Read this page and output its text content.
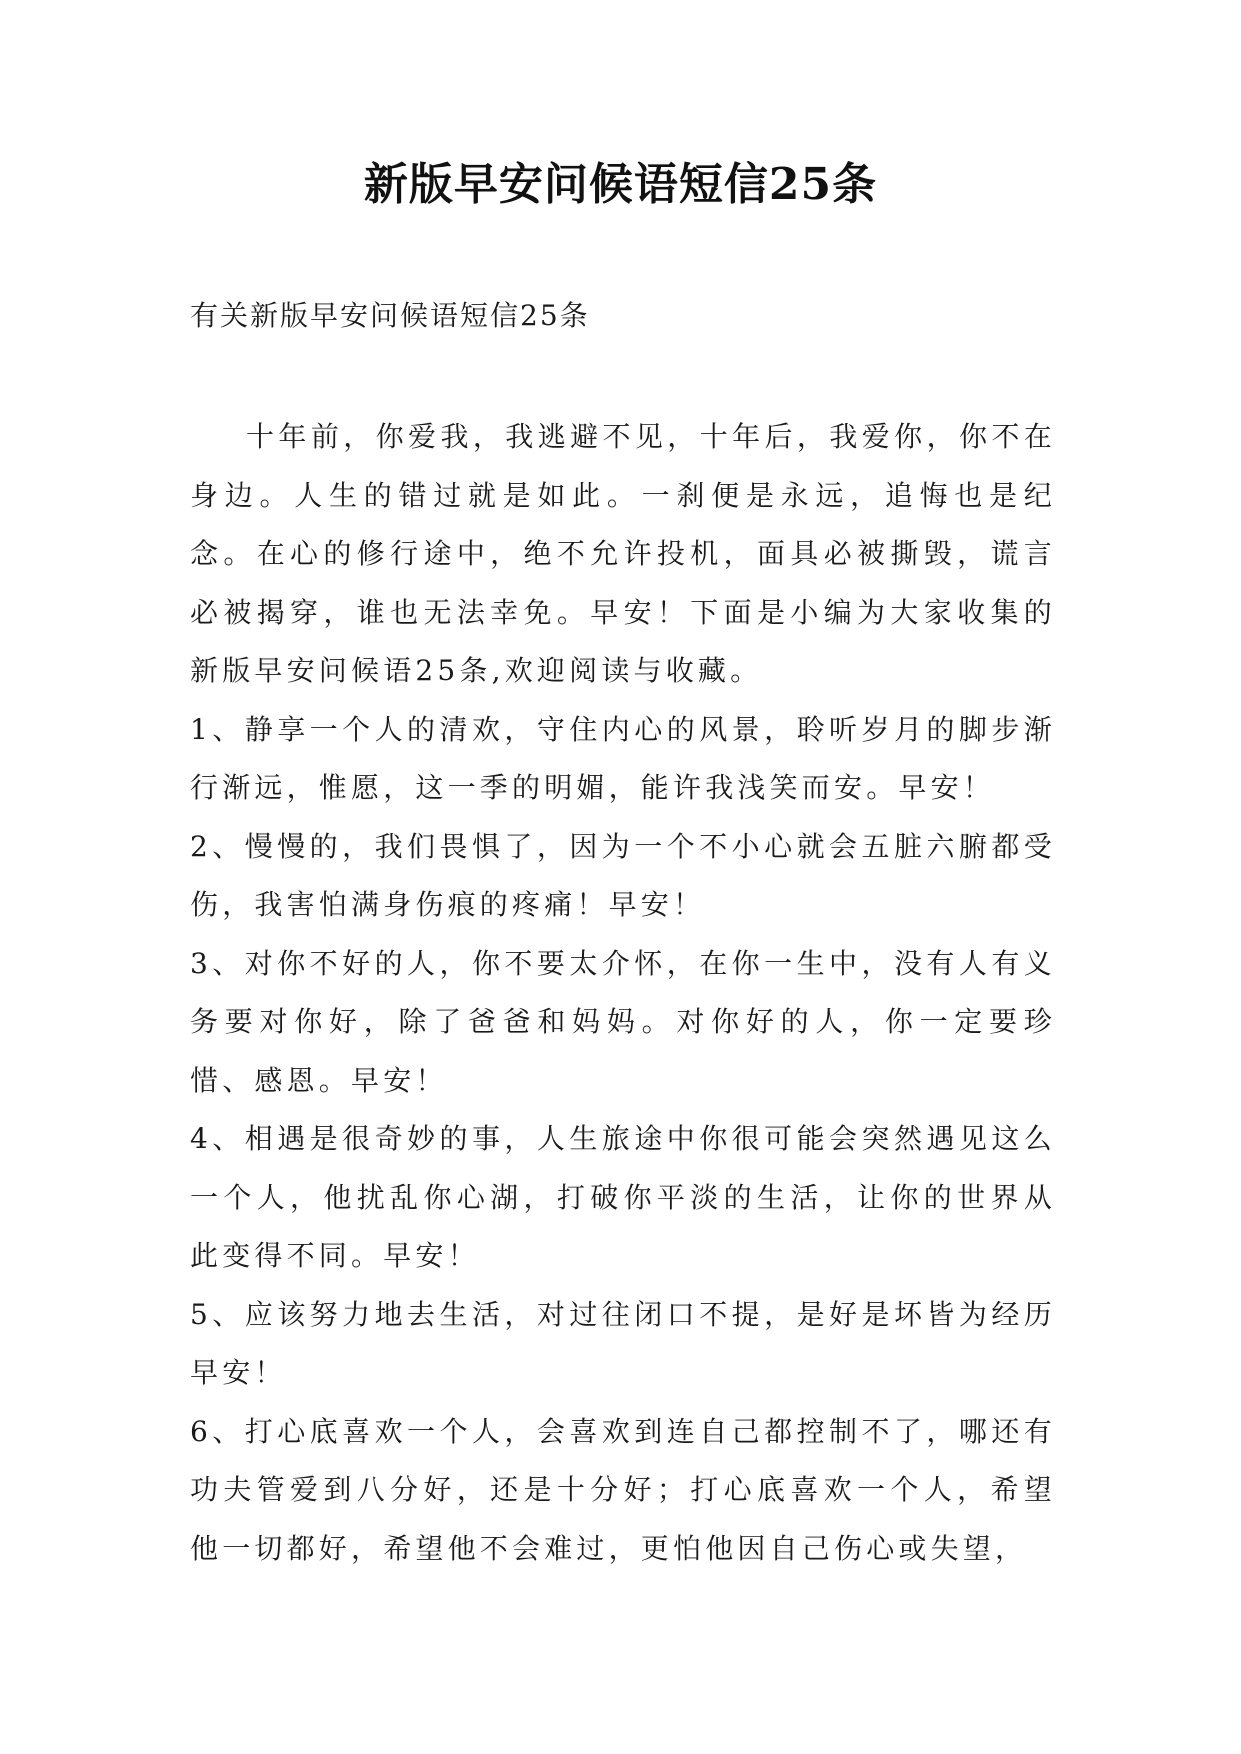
新版早安问候语短信25条

有关新版早安问候语短信25条

十年前，你爱我，我逃避不见，十年后，我爱你，你不在身边。人生的错过就是如此。一刹便是永远，追悔也是纪念。在心的修行途中，绝不允许投机，面具必被撕毁，谎言必被揭穿，谁也无法幸免。早安！下面是小编为大家收集的新版早安问候语25条,欢迎阅读与收藏。

1、静享一个人的清欢，守住内心的风景，聆听岁月的脚步渐行渐远，惟愿，这一季的明媚，能许我浅笑而安。早安！

2、慢慢的，我们畏惧了，因为一个不小心就会五脏六腑都受伤，我害怕满身伤痕的疼痛！早安！

3、对你不好的人，你不要太介怀，在你一生中，没有人有义务要对你好，除了爸爸和妈妈。对你好的人，你一定要珍惜、感恩。早安！

4、相遇是很奇妙的事，人生旅途中你很可能会突然遇见这么一个人，他扰乱你心湖，打破你平淡的生活，让你的世界从此变得不同。早安！

5、应该努力地去生活，对过往闭口不提，是好是坏皆为经历早安！

6、打心底喜欢一个人，会喜欢到连自己都控制不了，哪还有功夫管爱到八分好，还是十分好；打心底喜欢一个人，希望他一切都好，希望他不会难过，更怕他因自己伤心或失望，
